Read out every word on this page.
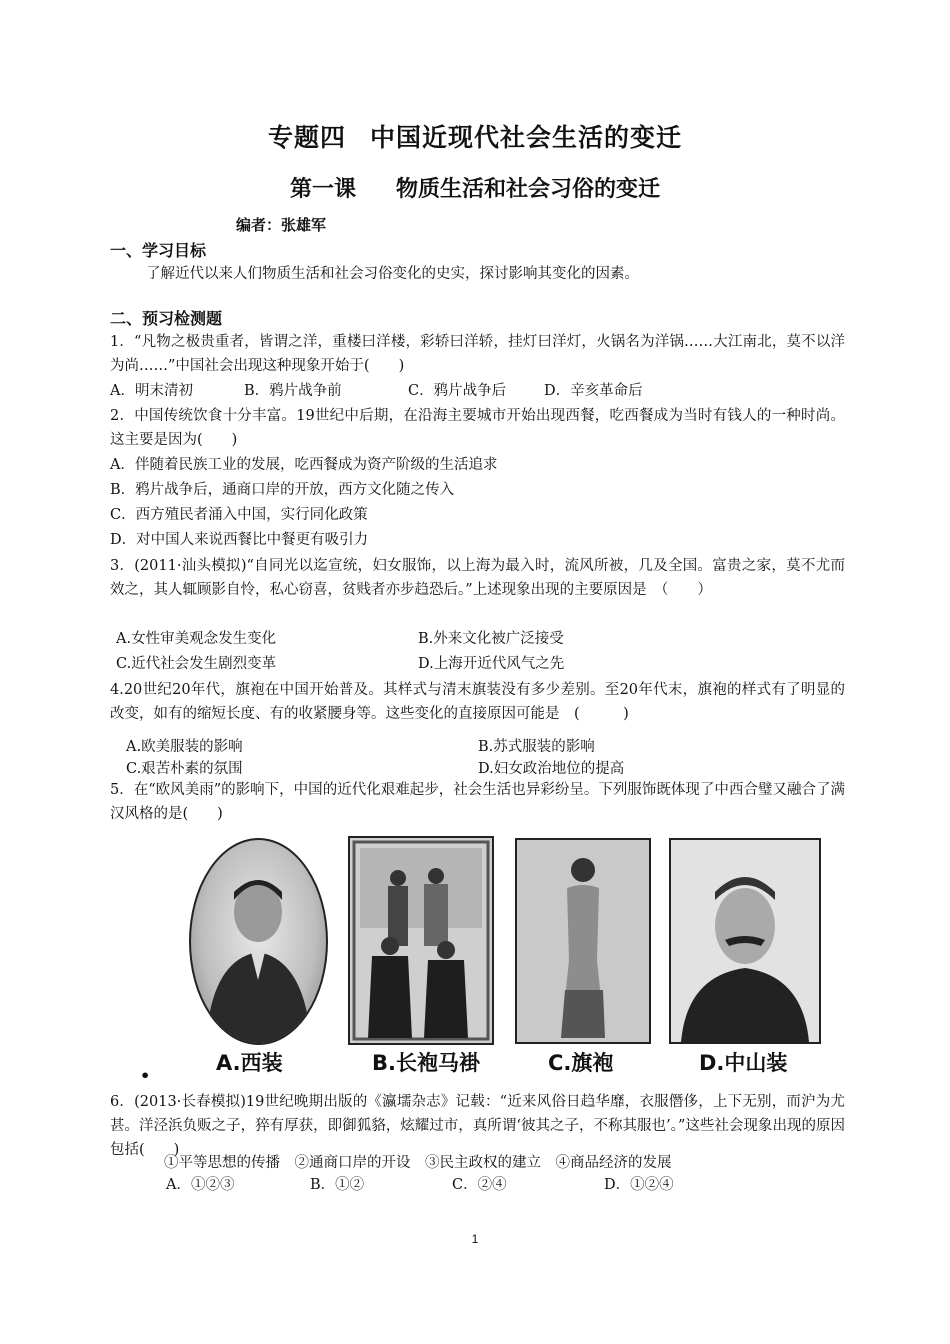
专题四 中国近现代社会生活的变迁
第一课 物质生活和社会习俗的变迁
编者：张雄军
一、学习目标
了解近代以来人们物质生活和社会习俗变化的史实，探讨影响其变化的因素。
二、预习检测题
1．“凡物之极贵重者，皆谓之洋，重楼曰洋楼，彩轿曰洋轿，挂灯曰洋灯，火锅名为洋锅……大江南北，莫不以洋为尚……”中国社会出现这种现象开始于(　　)
A．明末清初	B．鸦片战争前	C．鸦片战争后	D．辛亥革命后
2．中国传统饮食十分丰富。19世纪中后期，在沿海主要城市开始出现西餐，吃西餐成为当时有钱人的一种时尚。这主要是因为(　　)
A．伴随着民族工业的发展，吃西餐成为资产阶级的生活追求
B．鸦片战争后，通商口岸的开放，西方文化随之传入
C．西方殖民者涌入中国，实行同化政策
D．对中国人来说西餐比中餐更有吸引力
3．(2011·汕头模拟)“自同光以迄宣统，妇女服饰，以上海为最入时，流风所被，几及全国。富贵之家，莫不尤而效之，其人辄顾影自怜，私心窃喜，贫贱者亦步趋恐后。”上述现象出现的主要原因是　（　　）
A.女性审美观念发生变化	B.外来文化被广泛接受
C.近代社会发生剧烈变革	D.上海开近代风气之先
4.20世纪20年代，旗袍在中国开始普及。其样式与清末旗装没有多少差别。至20年代末，旗袍的样式有了明显的改变，如有的缩短长度、有的收紧腰身等。这些变化的直接原因可能是　(　　　)
A.欧美服装的影响	B.苏式服装的影响
C.艰苦朴素的氛围	D.妇女政治地位的提高
5．在“欧风美雨”的影响下，中国的近代化艰难起步，社会生活也异彩纷呈。下列服饰既体现了中西合璧又融合了满汉风格的是(　　)
A.西装	B.长袍马褂	C.旗袍	D.中山装
•
6．(2013·长春模拟)19世纪晚期出版的《瀛壖杂志》记载：“近来风俗日趋华靡，衣服僭侈，上下无别，而沪为尤甚。洋泾浜负贩之子，猝有厚获，即御狐貉，炫耀过市，真所谓‘彼其之子，不称其服也’。”这些社会现象出现的原因包括(　　)
①平等思想的传播　②通商口岸的开设　③民主政权的建立　④商品经济的发展
A．①②③	B．①②	C．②④	D．①②④
1
